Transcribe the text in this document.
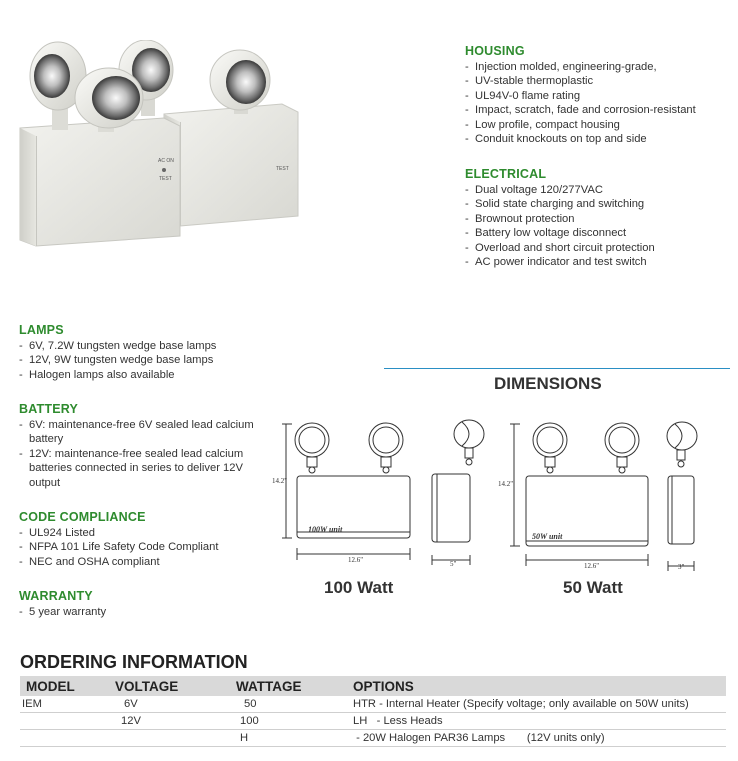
TEST
AC ON
TEST
HOUSING
- Injection molded, engineering-grade,
- UV-stable thermoplastic
- UL94V-0 flame rating
- Impact, scratch, fade and corrosion-resistant
- Low profile, compact housing
- Conduit knockouts on top and side
ELECTRICAL
- Dual voltage 120/277VAC
- Solid state charging and switching
- Brownout protection
- Battery low voltage disconnect
- Overload and short circuit protection
- AC power indicator and test switch
LAMPS
- 6V, 7.2W tungsten wedge base lamps
- 12V, 9W tungsten wedge base lamps
- Halogen lamps also available
BATTERY
- 6V: maintenance-free 6V sealed lead calcium battery
- 12V: maintenance-free sealed lead calcium batteries connected in series to deliver 12V output
CODE COMPLIANCE
- UL924 Listed
- NFPA 101 Life Safety Code Compliant
- NEC and OSHA compliant
WARRANTY
- 5 year warranty
DIMENSIONS
14.2"
12.6"	5"
100W unit
100 Watt
14.2"
12.6"	3"
50W unit
50 Watt
ORDERING INFORMATION
MODEL	VOLTAGE	WATTAGE	OPTIONS
IEM	6V	50	HTR - Internal Heater (Specify voltage; only available on 50W units)
	12V	100	LH   - Less Heads
		H	- 20W Halogen PAR36 Lamps       (12V units only)
